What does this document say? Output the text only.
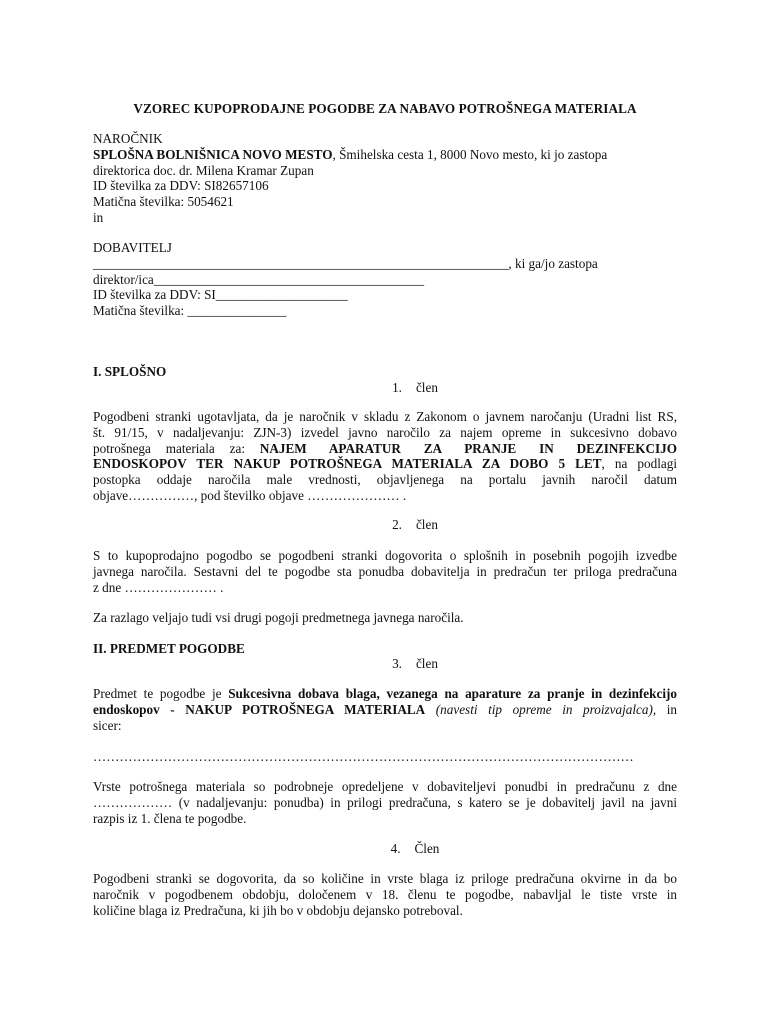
VZOREC KUPOPRODAJNE POGODBE ZA NABAVO POTROŠNEGA MATERIALA
NAROČNIK
SPLOŠNA BOLNIŠNICA NOVO MESTO, Šmihelska cesta 1, 8000 Novo mesto, ki jo zastopa
direktorica doc. dr. Milena Kramar Zupan
ID številka za DDV: SI82657106
Matična številka: 5054621
in
DOBAVITELJ
_______________________________________________________________, ki ga/jo zastopa
direktor/ica_________________________________________
ID številka za DDV: SI____________________
Matična številka: _______________
I. SPLOŠNO
1. člen
Pogodbeni stranki ugotavljata, da je naročnik v skladu z Zakonom o javnem naročanju (Uradni list RS,
št. 91/15, v nadaljevanju: ZJN-3) izvedel javno naročilo za najem opreme in sukcesivno dobavo
potrošnega materiala za: NAJEM APARATUR ZA PRANJE IN DEZINFEKCIJO
ENDOSKOPOV TER NAKUP POTROŠNEGA MATERIALA ZA DOBO 5 LET, na podlagi
postopka oddaje naročila male vrednosti, objavljenega na portalu javnih naročil datum
objave……………, pod številko objave ………………… .
2. člen
S to kupoprodajno pogodbo se pogodbeni stranki dogovorita o splošnih in posebnih pogojih izvedbe
javnega naročila. Sestavni del te pogodbe sta ponudba dobavitelja in predračun ter priloga predračuna
z dne ………………… .
Za razlago veljajo tudi vsi drugi pogoji predmetnega javnega naročila.
II. PREDMET POGODBE
3. člen
Predmet te pogodbe je Sukcesivna dobava blaga, vezanega na aparature za pranje in dezinfekcijo
endoskopov - NAKUP POTROŠNEGA MATERIALA (navesti tip opreme in proizvajalca), in
sicer:
……………………………………………………………………………………………………………
Vrste potrošnega materiala so podrobneje opredeljene v dobaviteljevi ponudbi in predračunu z dne
……………… (v nadaljevanju: ponudba) in prilogi predračuna, s katero se je dobavitelj javil na javni
razpis iz 1. člena te pogodbe.
4. Člen
Pogodbeni stranki se dogovorita, da so količine in vrste blaga iz priloge predračuna okvirne in da bo
naročnik v pogodbenem obdobju, določenem v 18. členu te pogodbe, nabavljal le tiste vrste in
količine blaga iz Predračuna, ki jih bo v obdobju dejansko potreboval.
